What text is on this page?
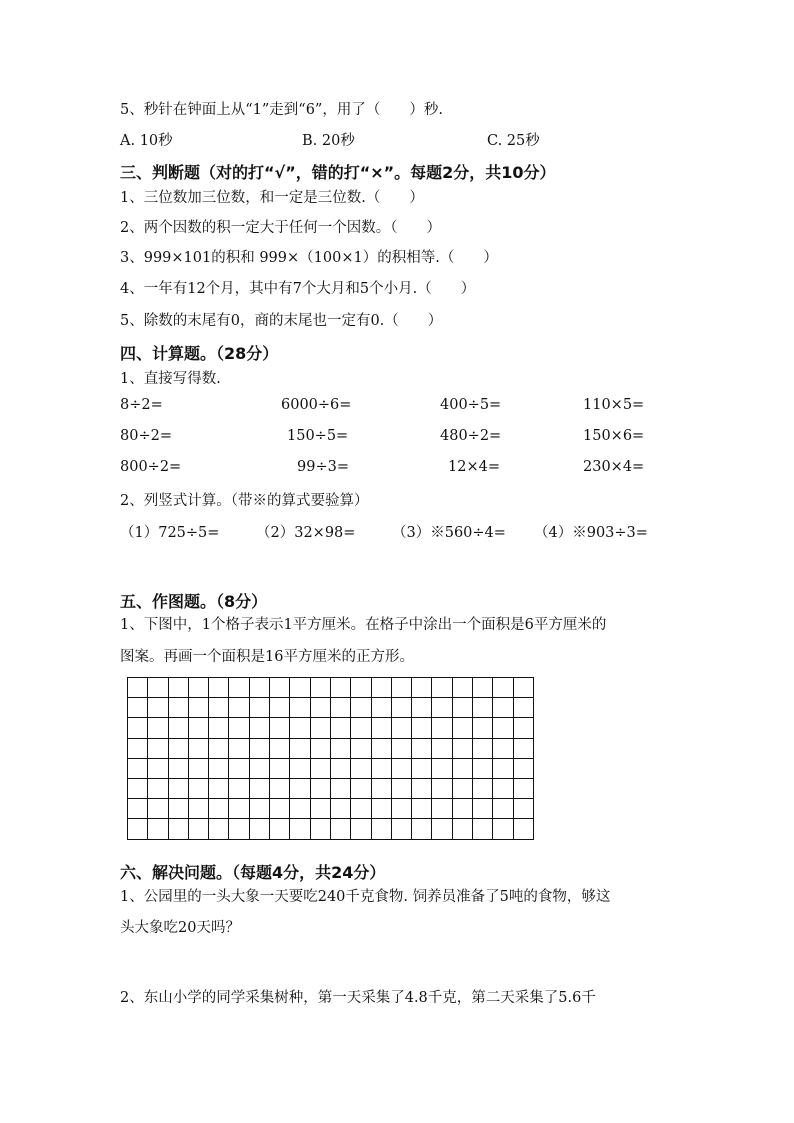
5、秒针在钟面上从“1”走到“6”，用了（　　）秒.
A. 10秒	B. 20秒	C. 25秒
三、判断题（对的打“√”，错的打“×”。每题2分，共10分）
1、三位数加三位数，和一定是三位数.（　　）
2、两个因数的积一定大于任何一个因数。（　　）
3、999×101的积和 999×（100×1）的积相等.（　　）
4、一年有12个月，其中有7个大月和5个小月.（　　）
5、除数的末尾有0，商的末尾也一定有0.（　　）
四、计算题。（28分）
1、直接写得数.
8÷2=	6000÷6=	400÷5=	110×5=
80÷2=	150÷5=	480÷2=	150×6=
800÷2=	99÷3=	12×4=	230×4=
2、列竖式计算。（带※的算式要验算）
（1）725÷5=	（2）32×98=	（3）※560÷4= （4）※903÷3=
五、作图题。（8分）
1、下图中，1个格子表示1平方厘米。在格子中涂出一个面积是6平方厘米的
图案。再画一个面积是16平方厘米的正方形。

六、解决问题。（每题4分，共24分）
1、公园里的一头大象一天要吃240千克食物. 饲养员准备了5吨的食物，够这
头大象吃20天吗？
2、东山小学的同学采集树种，第一天采集了4.8千克，第二天采集了5.6千
